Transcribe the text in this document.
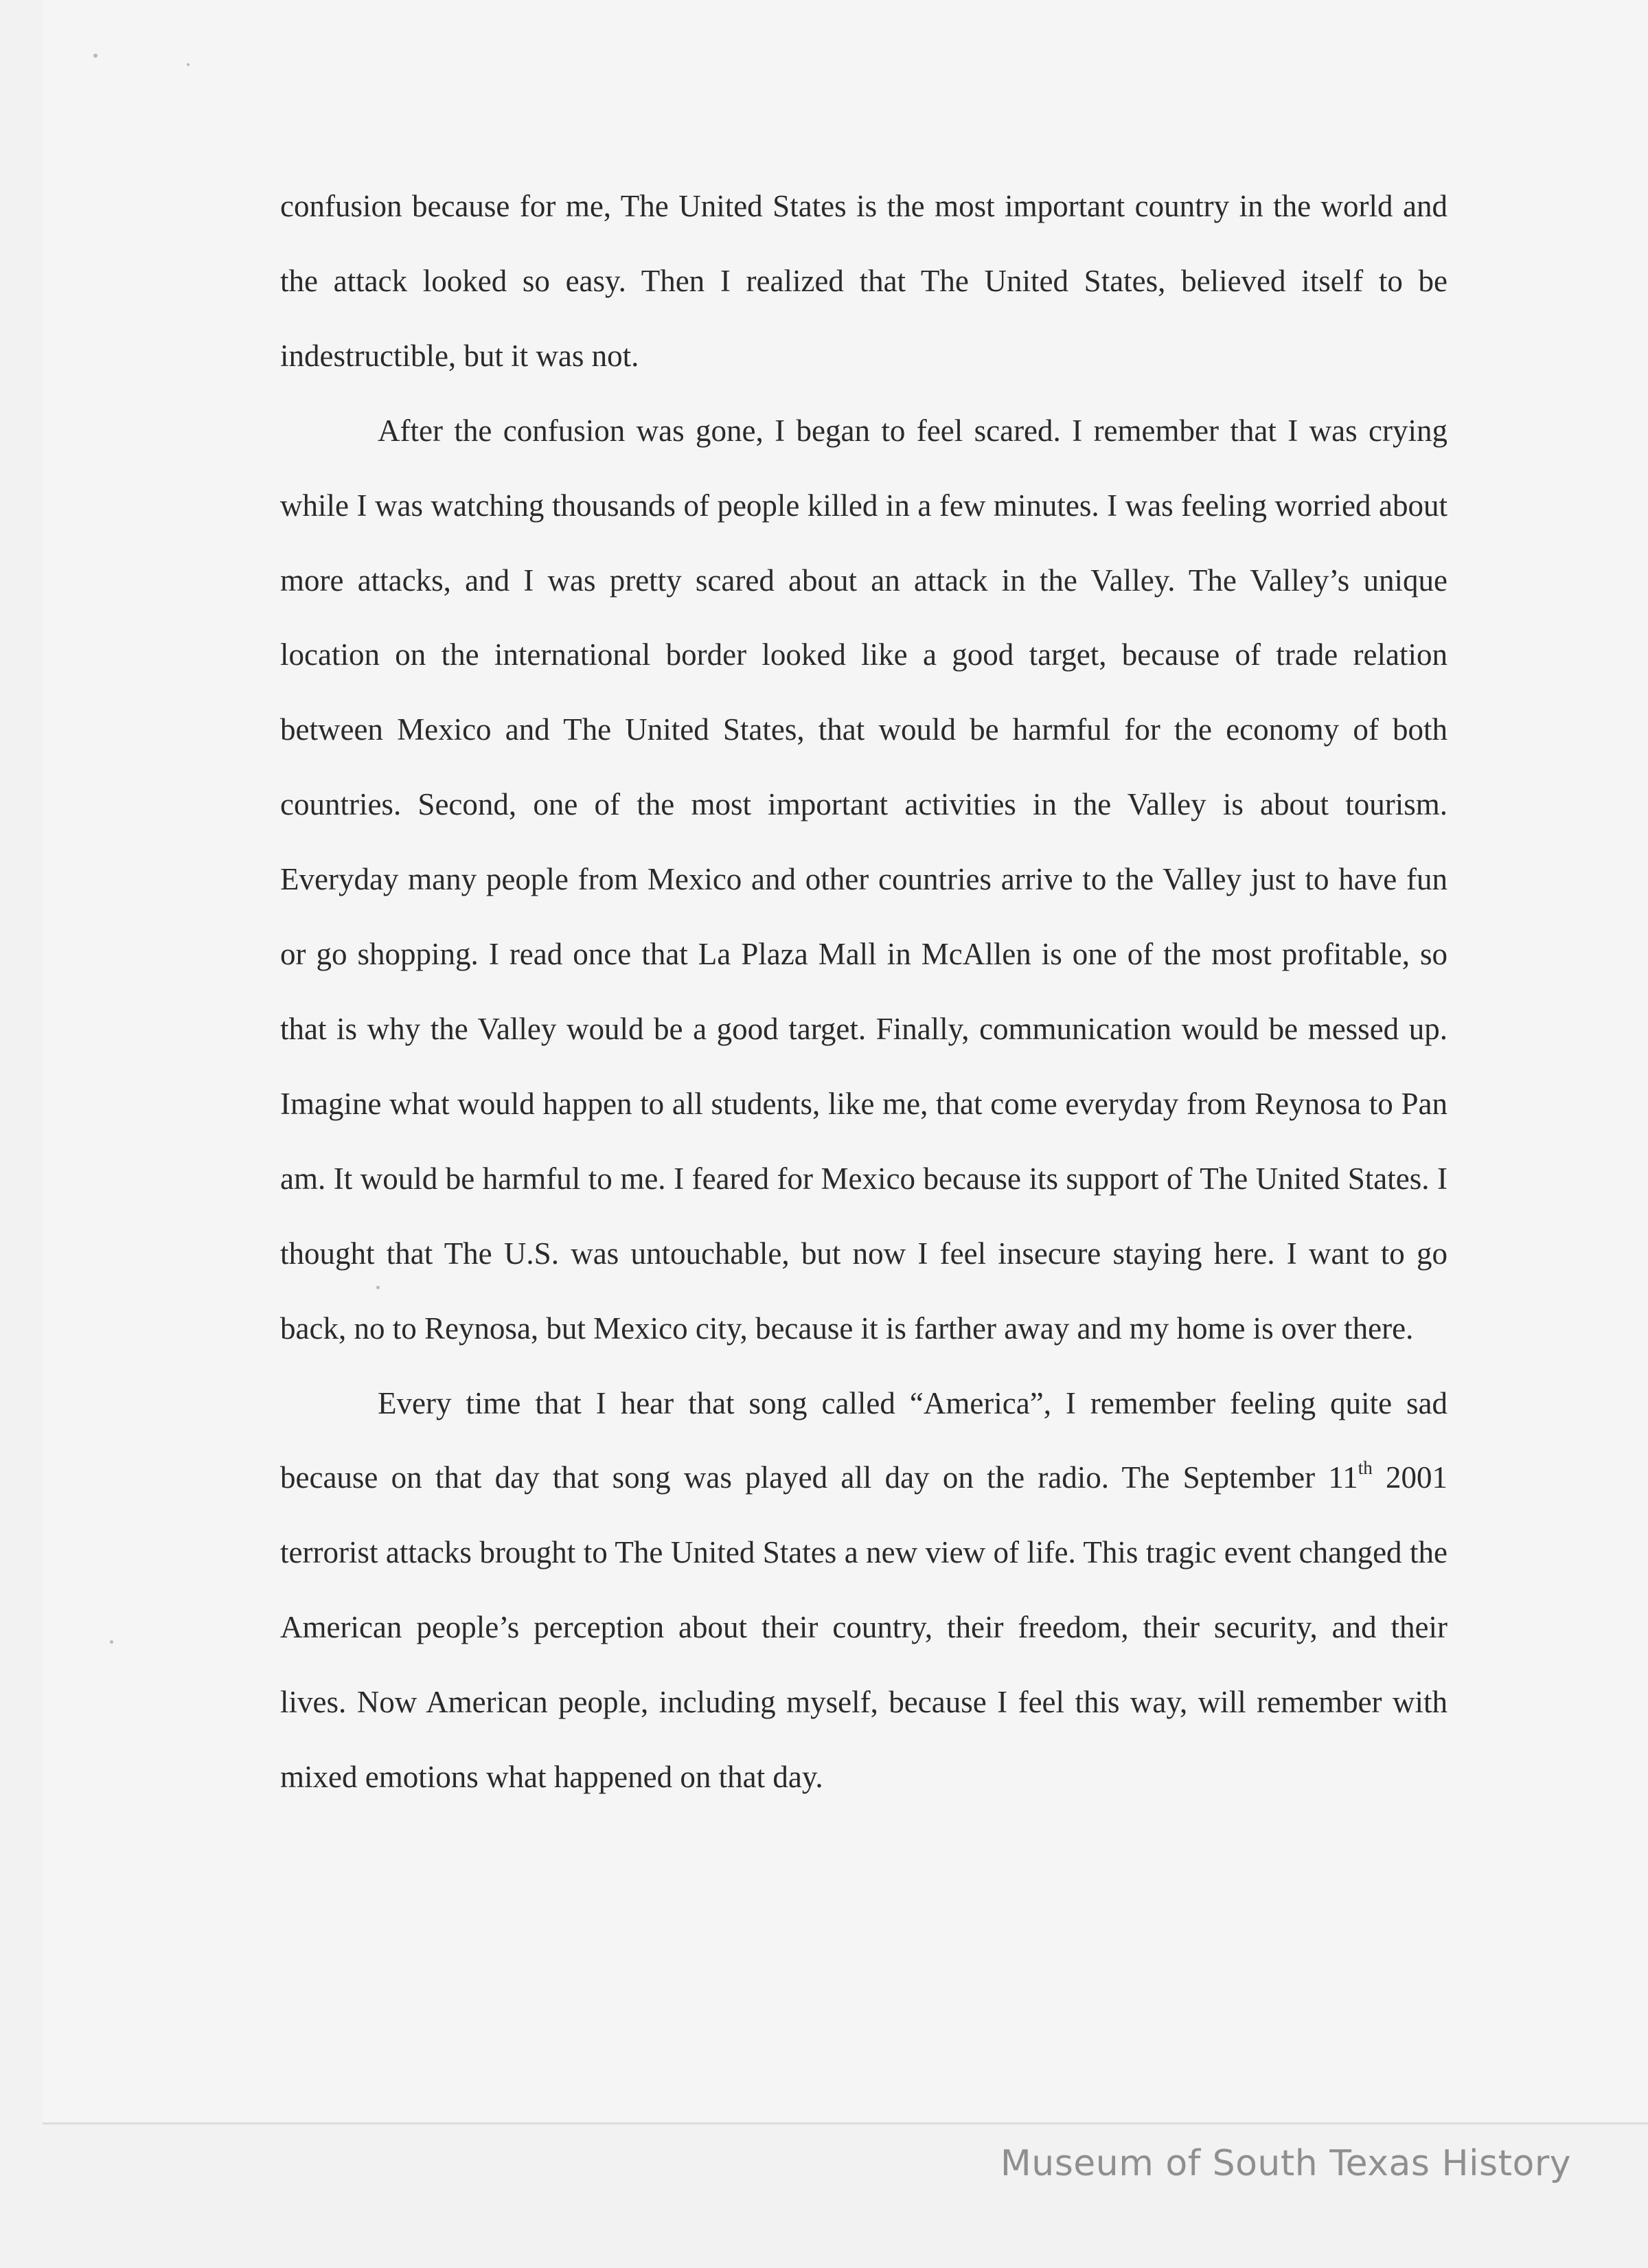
confusion because for me, The United States is the most important country in the world and the attack looked so easy. Then I realized that The United States, believed itself to be indestructible, but it was not.

After the confusion was gone, I began to feel scared. I remember that I was crying while I was watching thousands of people killed in a few minutes. I was feeling worried about more attacks, and I was pretty scared about an attack in the Valley. The Valley’s unique location on the international border looked like a good target, because of trade relation between Mexico and The United States, that would be harmful for the economy of both countries. Second, one of the most important activities in the Valley is about tourism. Everyday many people from Mexico and other countries arrive to the Valley just to have fun or go shopping. I read once that La Plaza Mall in McAllen is one of the most profitable, so that is why the Valley would be a good target. Finally, communication would be messed up. Imagine what would happen to all students, like me, that come everyday from Reynosa to Pan am. It would be harmful to me. I feared for Mexico because its support of The United States. I thought that The U.S. was untouchable, but now I feel insecure staying here. I want to go back, no to Reynosa, but Mexico city, because it is farther away and my home is over there.

Every time that I hear that song called “America”, I remember feeling quite sad because on that day that song was played all day on the radio. The September 11th 2001 terrorist attacks brought to The United States a new view of life. This tragic event changed the American people’s perception about their country, their freedom, their security, and their lives. Now American people, including myself, because I feel this way, will remember with mixed emotions what happened on that day.

Museum of South Texas History
